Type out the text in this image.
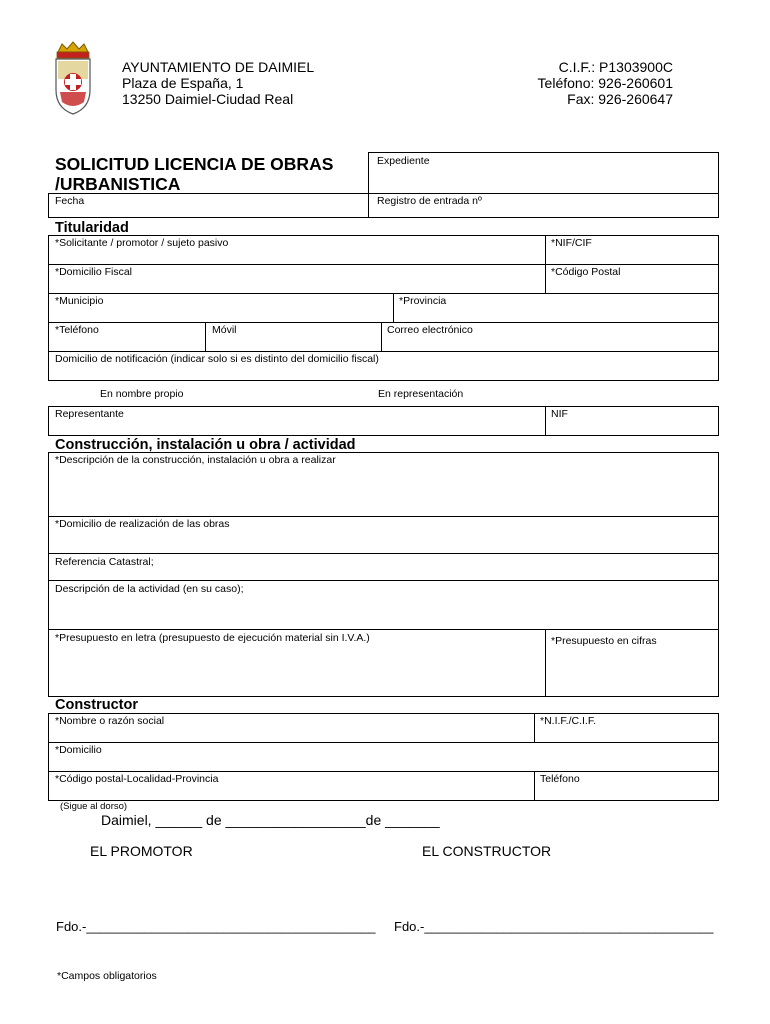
AYUNTAMIENTO DE DAIMIEL
Plaza de España, 1
13250 Daimiel-Ciudad Real
C.I.F.: P1303900C
Teléfono: 926-260601
Fax: 926-260647
SOLICITUD LICENCIA DE OBRAS
/URBANISTICA
Expediente
Fecha	Registro de entrada nº
Titularidad
*Solicitante / promotor / sujeto pasivo	*NIF/CIF
*Domicilio Fiscal	*Código Postal
*Municipio	*Provincia
*Teléfono	Móvil	Correo electrónico
Domicilio de notificación (indicar solo si es distinto del domicilio fiscal)
En nombre propio	En representación
Representante	NIF
Construcción, instalación u obra / actividad
*Descripción de la construcción, instalación u obra a realizar
*Domicilio de realización de las obras
Referencia Catastral;
Descripción de la actividad (en su caso);
*Presupuesto en letra (presupuesto de ejecución material sin I.V.A.)	*Presupuesto en cifras
Constructor
*Nombre o razón social	*N.I.F./C.I.F.
*Domicilio
*Código postal-Localidad-Provincia	Teléfono
(Sigue al dorso)
Daimiel, ______ de __________________de _______
EL PROMOTOR	EL CONSTRUCTOR
Fdo.-________________________________________ Fdo.-________________________________________
*Campos obligatorios
